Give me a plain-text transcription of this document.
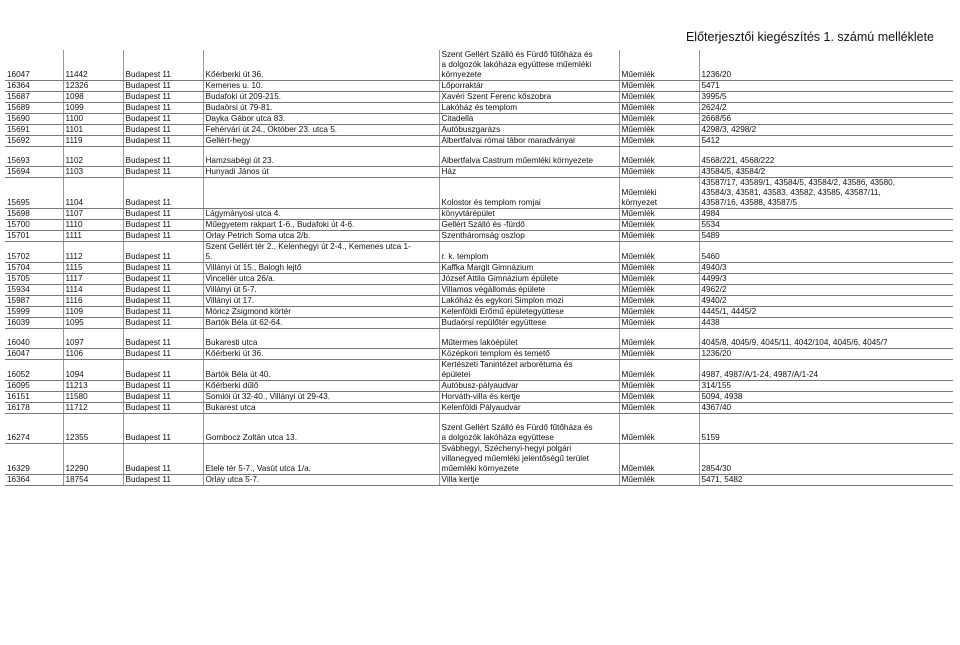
Előterjesztői kiegészítés 1. számú melléklete
16047	11442	Budapest 11	Kőérberki út 36.	Szent Gellért Szálló és Fürdő fűtőháza és
a dolgozók lakóháza együttese műemléki
környezete	Műemlék	1236/20
16364	12326	Budapest 11	Kemenes u. 10.	Lőporraktár	Műemlék	5471
15687	1098	Budapest 11	Budafoki út 209-215.	Xavéri Szent Ferenc kőszobra	Műemlék	3995/5
15689	1099	Budapest 11	Budaörsi út 79-81.	Lakóház és templom	Műemlék	2624/2
15690	1100	Budapest 11	Dayka Gábor utca 83.	Citadella	Műemlék	2668/56
15691	1101	Budapest 11	Fehérvári út 24., Október 23. utca 5.	Autóbuszgarázs	Műemlék	4298/3, 4298/2
15692	1119	Budapest 11	Gellért-hegy	Albertfalvai római tábor maradványai	Műemlék	5412

15693	1102	Budapest 11	Hamzsabégi út 23.	Albertfalva Castrum műemléki környezete	Műemlék	4568/221, 4568/222
15694	1103	Budapest 11	Hunyadi János út	Ház	Műemlék	43584/5, 43584/2
15695	1104	Budapest 11		Kolostor és templom romjai	Műemléki
környezet	43587/17, 43589/1, 43584/5, 43584/2, 43586, 43580,
43584/3, 43581, 43583, 43582, 43585, 43587/11,
43587/16, 43588, 43587/5
15698	1107	Budapest 11	Lágymányosi utca 4.	könyvtárépület	Műemlék	4984
15700	1110	Budapest 11	Műegyetem rakpart 1-6., Budafoki út 4-6.	Gellért Szálló és -fürdő	Műemlék	5534
15701	1111	Budapest 11	Orlay Petrich Soma utca 2/b.	Szentháromság oszlop	Műemlék	5489
15702	1112	Budapest 11	Szent Gellért tér 2., Kelenhegyi út 2-4., Kemenes utca 1-
5.	r. k. templom	Műemlék	5460
15704	1115	Budapest 11	Villányi út 15., Balogh lejtő	Kaffka Margit Gimnázium	Műemlék	4940/3
15705	1117	Budapest 11	Vincellér utca 26/a.	József Attila Gimnázium épülete	Műemlék	4499/3
15934	1114	Budapest 11	Villányi út 5-7.	Villamos végállomás épülete	Műemlék	4962/2
15987	1116	Budapest 11	Villányi út 17.	Lakóház és egykori Simplon mozi	Műemlék	4940/2
15999	1109	Budapest 11	Móricz Zsigmond körtér	Kelenföldi Erőmű épületegyüttese	Műemlék	4445/1, 4445/2
16039	1095	Budapest 11	Bartók Béla út 62-64.	Budaörsi repülőtér együttese	Műemlék	4438

16040	1097	Budapest 11	Bukaresti utca	Műtermes lakóépület	Műemlék	4045/8, 4045/9, 4045/11, 4042/104, 4045/6, 4045/7
16047	1106	Budapest 11	Kőérberki út 36.	Középkori templom és temető	Műemlék	1236/20
16052	1094	Budapest 11	Bartók Béla út 40.	Kertészeti Tanintézet arborétuma és
épületei	Műemlék	4987, 4987/A/1-24, 4987/A/1-24
16095	11213	Budapest 11	Kőérberki dűlő	Autóbusz-pályaudvar	Műemlék	314/155
16151	11580	Budapest 11	Somlói út 32-40., Villányi út 29-43.	Horváth-villa és kertje	Műemlék	5094, 4938
16178	11712	Budapest 11	Bukarest utca	Kelenföldi Pályaudvar	Műemlék	4367/40

16274	12355	Budapest 11	Gombocz Zoltán utca 13.	Szent Gellért Szálló és Fürdő fűtőháza és
a dolgozók lakóháza együttese	Műemlék	5159
16329	12290	Budapest 11	Etele tér 5-7., Vasút utca 1/a.	Svábhegyi, Széchenyi-hegyi polgári
villanegyed műemléki jelentőségű terület
műemléki környezete	Műemlék	2854/30
16364	18754	Budapest 11	Orlay utca 5-7.	Villa kertje	Műemlék	5471, 5482
